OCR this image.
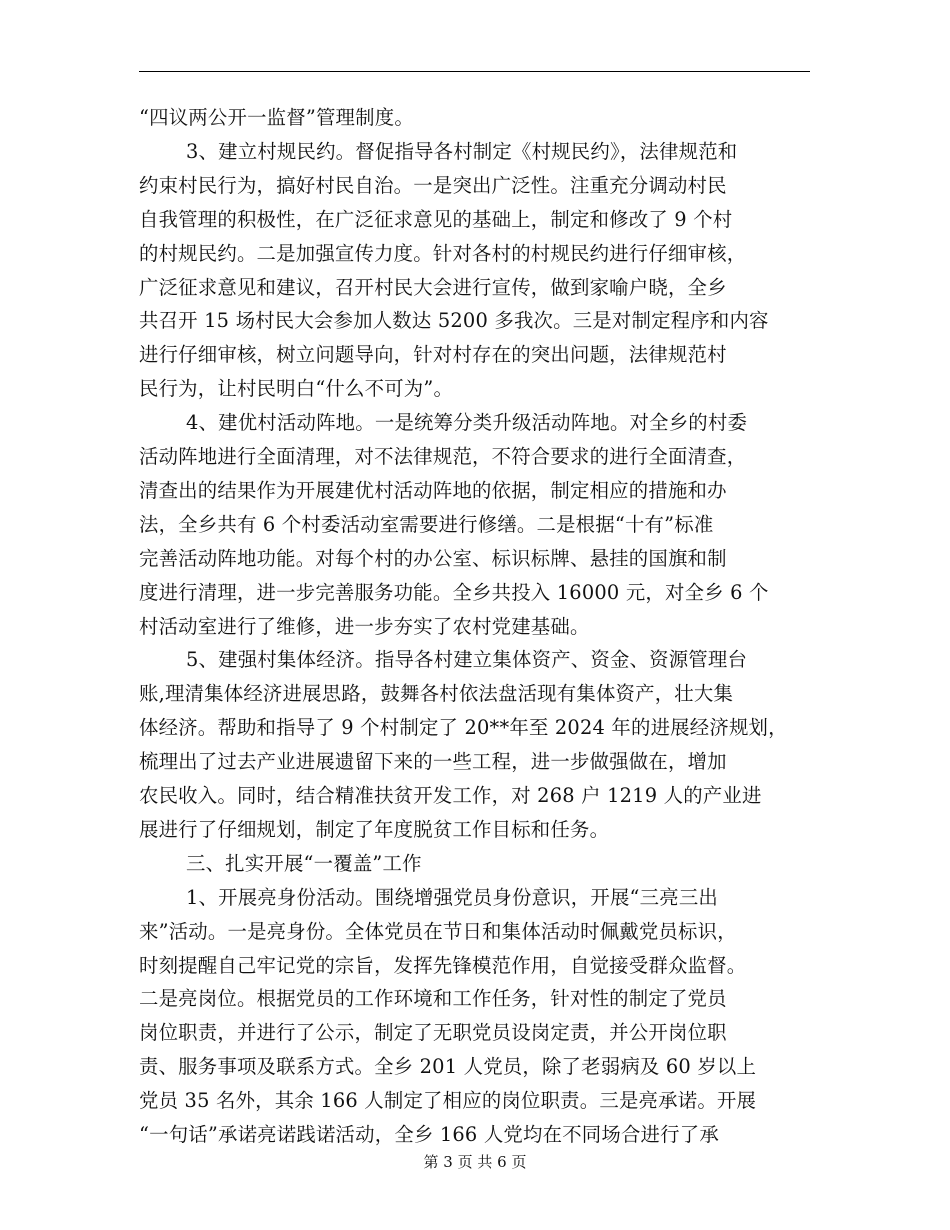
“四议两公开一监督”管理制度。
3、建立村规民约。督促指导各村制定《村规民约》，法律规范和
约束村民行为，搞好村民自治。一是突出广泛性。注重充分调动村民
自我管理的积极性，在广泛征求意见的基础上，制定和修改了 9 个村
的村规民约。二是加强宣传力度。针对各村的村规民约进行仔细审核，
广泛征求意见和建议，召开村民大会进行宣传，做到家喻户晓，全乡
共召开 15 场村民大会参加人数达 5200 多我次。三是对制定程序和内容
进行仔细审核，树立问题导向，针对村存在的突出问题，法律规范村
民行为，让村民明白“什么不可为”。
4、建优村活动阵地。一是统筹分类升级活动阵地。对全乡的村委
活动阵地进行全面清理，对不法律规范，不符合要求的进行全面清查，
清查出的结果作为开展建优村活动阵地的依据，制定相应的措施和办
法，全乡共有 6 个村委活动室需要进行修缮。二是根据“十有”标准
完善活动阵地功能。对每个村的办公室、标识标牌、悬挂的国旗和制
度进行清理，进一步完善服务功能。全乡共投入 16000 元，对全乡 6 个
村活动室进行了维修，进一步夯实了农村党建基础。
5、建强村集体经济。指导各村建立集体资产、资金、资源管理台
账,理清集体经济进展思路，鼓舞各村依法盘活现有集体资产，壮大集
体经济。帮助和指导了 9 个村制定了 20**年至 2024 年的进展经济规划，
梳理出了过去产业进展遗留下来的一些工程，进一步做强做在，增加
农民收入。同时，结合精准扶贫开发工作，对 268 户 1219 人的产业进
展进行了仔细规划，制定了年度脱贫工作目标和任务。
三、扎实开展“一覆盖”工作
1、开展亮身份活动。围绕增强党员身份意识，开展“三亮三出
来”活动。一是亮身份。全体党员在节日和集体活动时佩戴党员标识，
时刻提醒自己牢记党的宗旨，发挥先锋模范作用，自觉接受群众监督。
二是亮岗位。根据党员的工作环境和工作任务，针对性的制定了党员
岗位职责，并进行了公示，制定了无职党员设岗定责，并公开岗位职
责、服务事项及联系方式。全乡 201 人党员，除了老弱病及 60 岁以上
党员 35 名外，其余 166 人制定了相应的岗位职责。三是亮承诺。开展
“一句话”承诺亮诺践诺活动，全乡 166 人党均在不同场合进行了承
第 3 页 共 6 页
